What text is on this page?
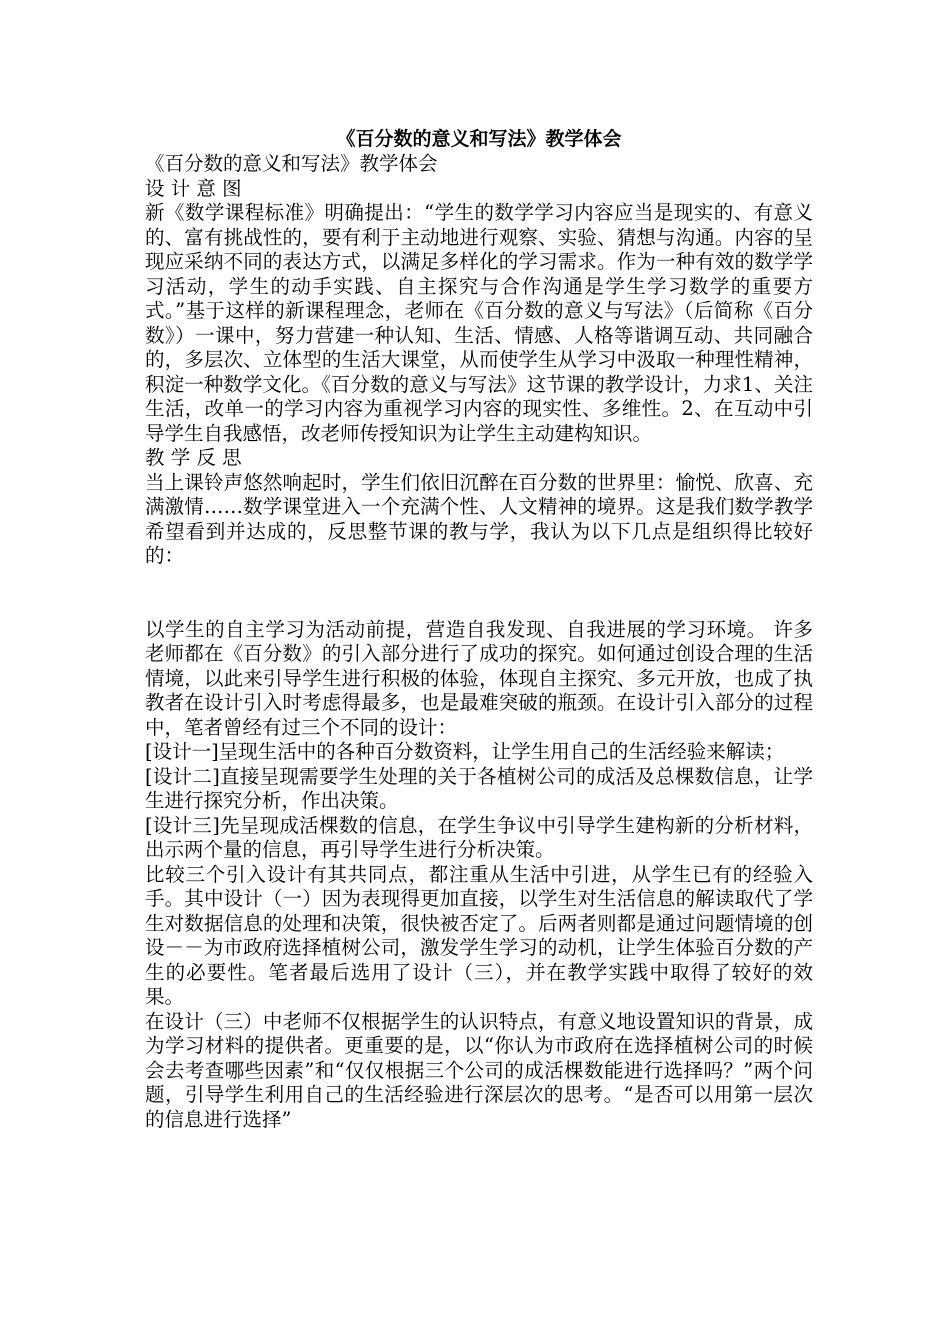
《百分数的意义和写法》教学体会

《百分数的意义和写法》教学体会

设 计 意 图

新《数学课程标准》明确提出：“学生的数学学习内容应当是现实的、有意义的、富有挑战性的，要有利于主动地进行观察、实验、猜想与沟通。内容的呈现应采纳不同的表达方式，以满足多样化的学习需求。作为一种有效的数学学习活动，学生的动手实践、自主探究与合作沟通是学生学习数学的重要方式。”基于这样的新课程理念，老师在《百分数的意义与写法》（后简称《百分数》）一课中，努力营建一种认知、生活、情感、人格等谐调互动、共同融合的，多层次、立体型的生活大课堂，从而使学生从学习中汲取一种理性精神，积淀一种数学文化。《百分数的意义与写法》这节课的教学设计，力求1、关注生活，改单一的学习内容为重视学习内容的现实性、多维性。2、在互动中引导学生自我感悟，改老师传授知识为让学生主动建构知识。

教 学 反 思

当上课铃声悠然响起时，学生们依旧沉醉在百分数的世界里：愉悦、欣喜、充满激情……数学课堂进入一个充满个性、人文精神的境界。这是我们数学教学希望看到并达成的，反思整节课的教与学，我认为以下几点是组织得比较好的：

以学生的自主学习为活动前提，营造自我发现、自我进展的学习环境。 许多老师都在《百分数》的引入部分进行了成功的探究。如何通过创设合理的生活情境，以此来引导学生进行积极的体验，体现自主探究、多元开放，也成了执教者在设计引入时考虑得最多，也是最难突破的瓶颈。在设计引入部分的过程中，笔者曾经有过三个不同的设计：

[设计一]呈现生活中的各种百分数资料，让学生用自己的生活经验来解读；

[设计二]直接呈现需要学生处理的关于各植树公司的成活及总棵数信息，让学生进行探究分析，作出决策。

[设计三]先呈现成活棵数的信息，在学生争议中引导学生建构新的分析材料，出示两个量的信息，再引导学生进行分析决策。

比较三个引入设计有其共同点，都注重从生活中引进，从学生已有的经验入手。其中设计（一）因为表现得更加直接，以学生对生活信息的解读取代了学生对数据信息的处理和决策，很快被否定了。后两者则都是通过问题情境的创设－－为市政府选择植树公司，激发学生学习的动机，让学生体验百分数的产生的必要性。笔者最后选用了设计（三），并在教学实践中取得了较好的效果。

在设计（三）中老师不仅根据学生的认识特点，有意义地设置知识的背景，成为学习材料的提供者。更重要的是，以“你认为市政府在选择植树公司的时候会去考查哪些因素”和“仅仅根据三个公司的成活棵数能进行选择吗？”两个问题，引导学生利用自己的生活经验进行深层次的思考。“是否可以用第一层次的信息进行选择”
